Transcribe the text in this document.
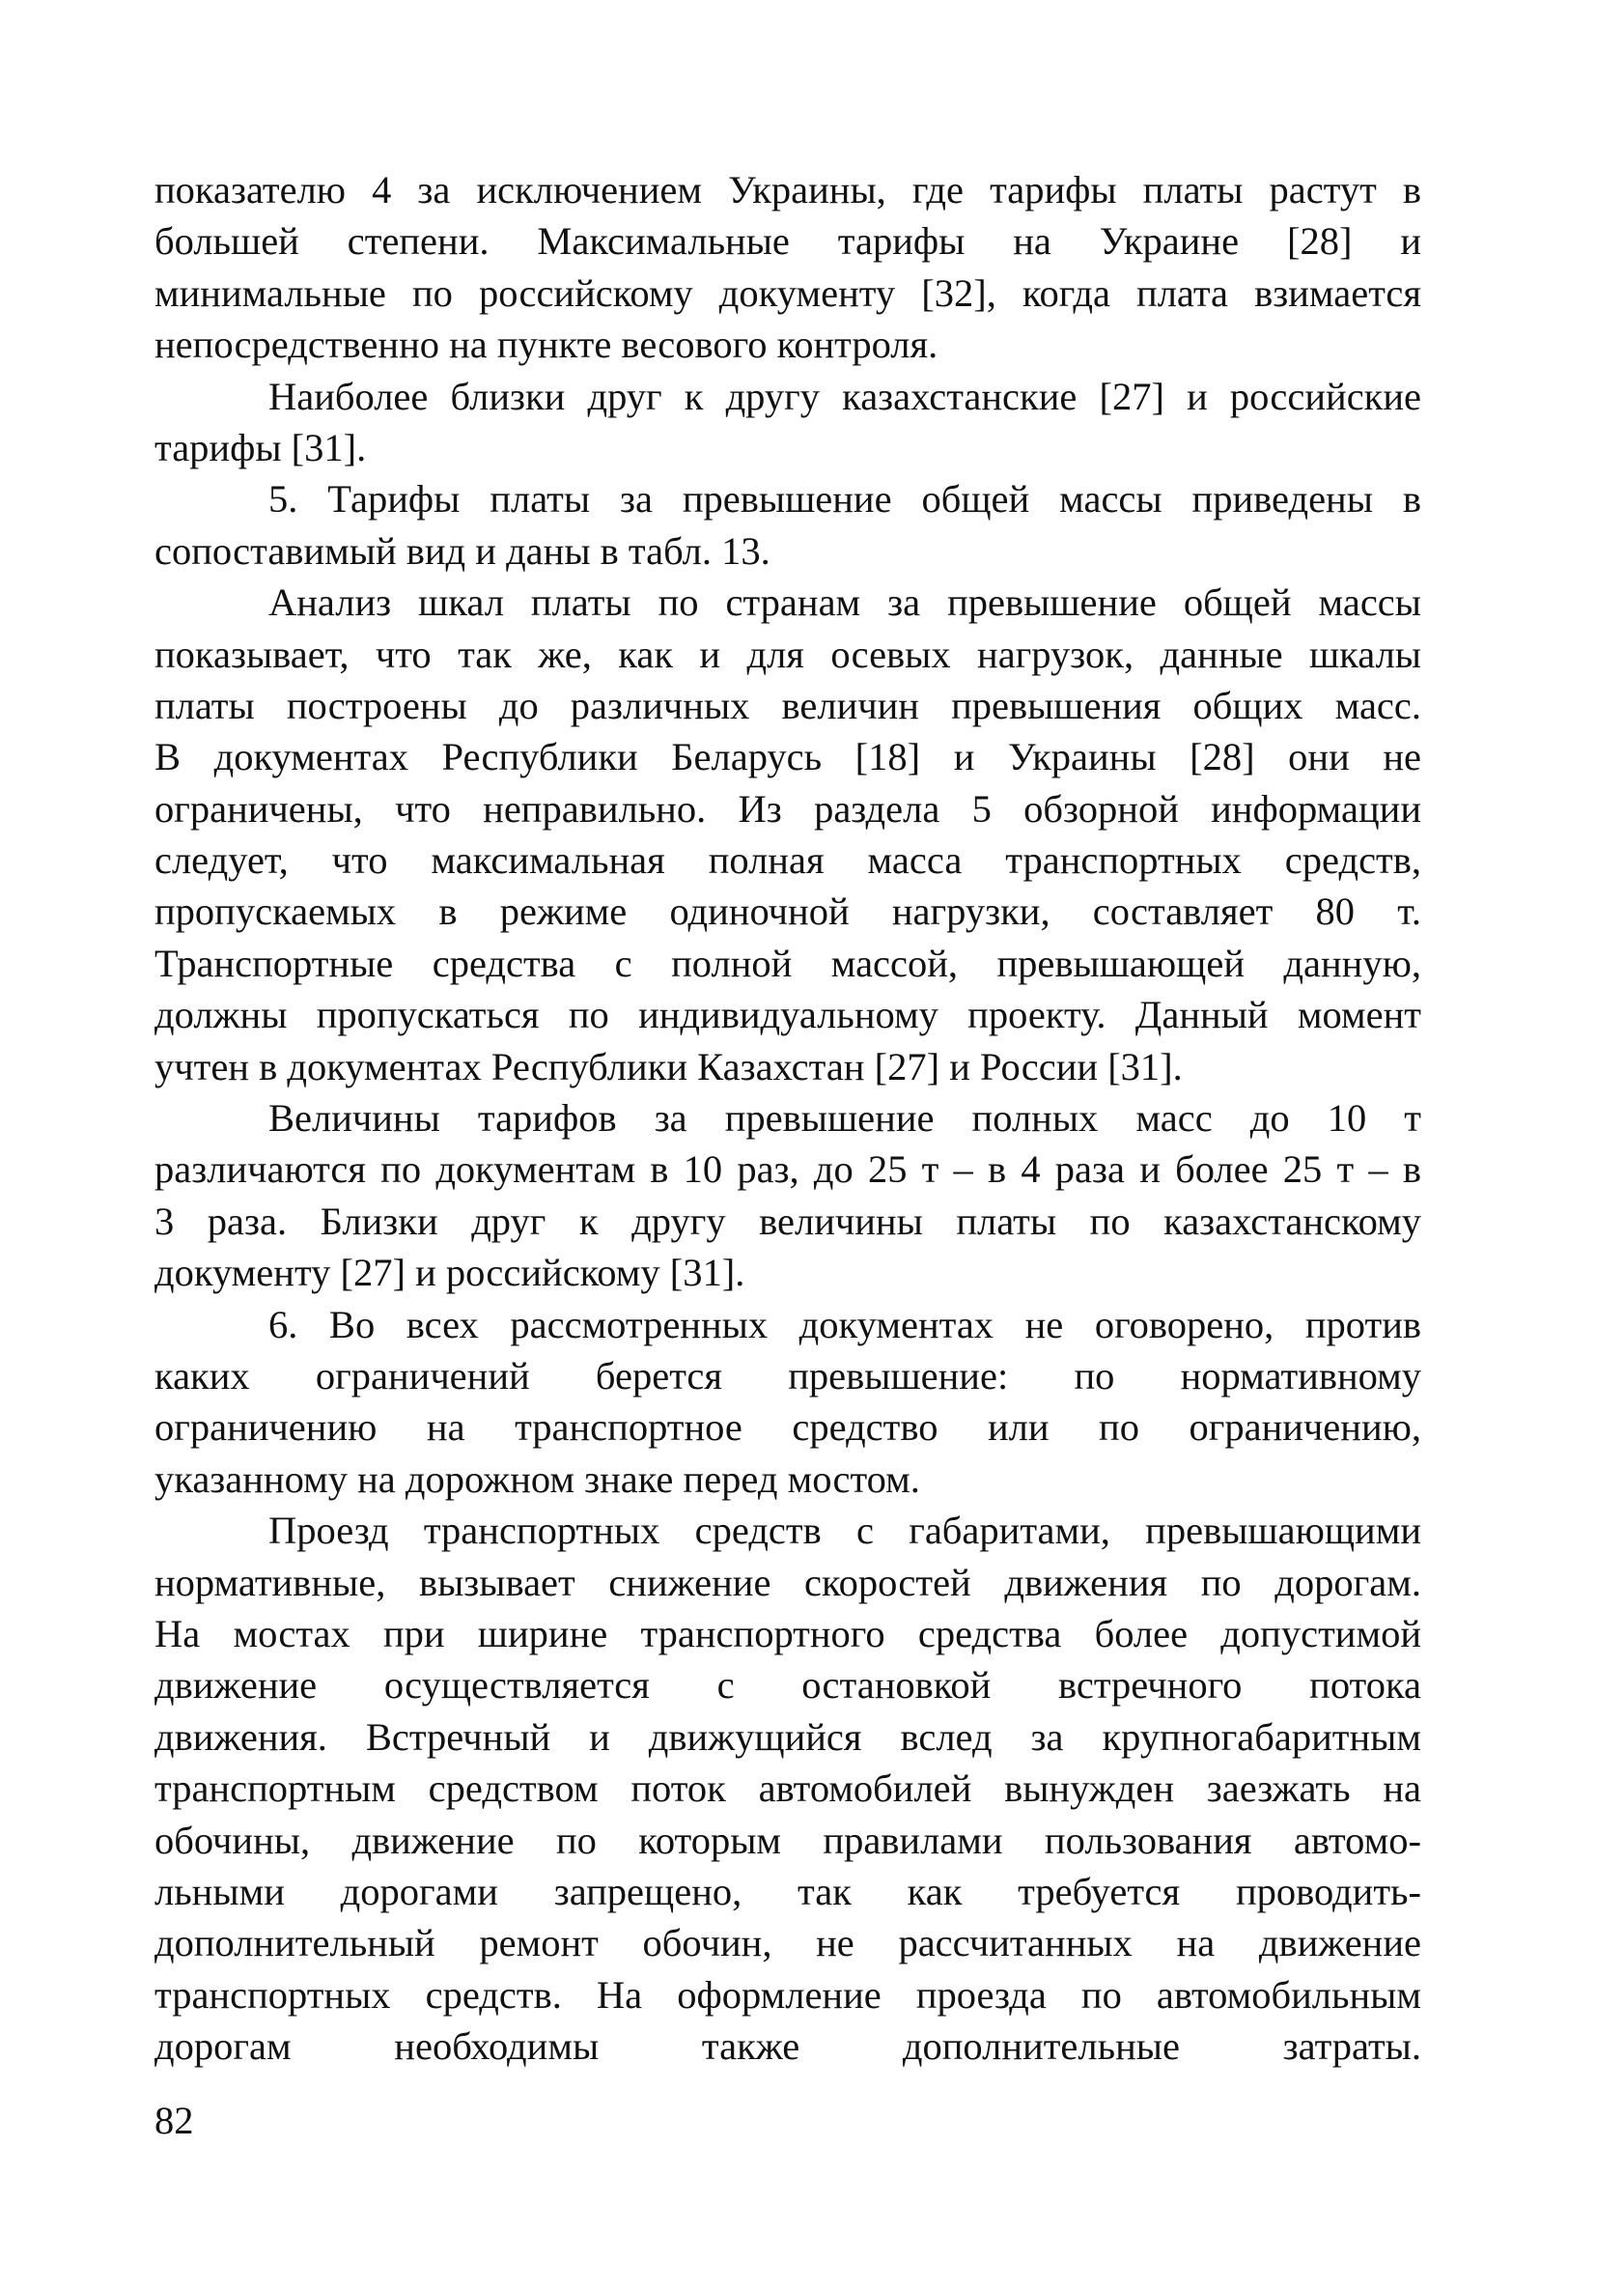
показателю 4 за исключением Украины, где тарифы платы растут в
большей степени. Максимальные тарифы на Украине [28] и
минимальные по российскому документу [32], когда плата взимается
непосредственно на пункте весового контроля.
Наиболее близки друг к другу казахстанские [27] и российские
тарифы [31].
5. Тарифы платы за превышение общей массы приведены в
сопоставимый вид и даны в табл. 13.
Анализ шкал платы по странам за превышение общей массы
показывает, что так же, как и для осевых нагрузок, данные шкалы
платы построены до различных величин превышения общих масс.
В документах Республики Беларусь [18] и Украины [28] они не
ограничены, что неправильно. Из раздела 5 обзорной информации
следует, что максимальная полная масса транспортных средств,
пропускаемых в режиме одиночной нагрузки, составляет 80 т.
Транспортные средства с полной массой, превышающей данную,
должны пропускаться по индивидуальному проекту. Данный момент
учтен в документах Республики Казахстан [27] и России [31].
Величины тарифов за превышение полных масс до 10 т
различаются по документам в 10 раз, до 25 т – в 4 раза и более 25 т – в
3 раза. Близки друг к другу величины платы по казахстанскому
документу [27] и российскому [31].
6. Во всех рассмотренных документах не оговорено, против
каких ограничений берется превышение: по нормативному
ограничению на транспортное средство или по ограничению,
указанному на дорожном знаке перед мостом.
Проезд транспортных средств с габаритами, превышающими
нормативные, вызывает снижение скоростей движения по дорогам.
На мостах при ширине транспортного средства более допустимой
движение осуществляется с остановкой встречного потока
движения. Встречный и движущийся вслед за крупногабаритным
транспортным средством поток автомобилей вынужден заезжать на
обочины, движение по которым правилами пользования автомо-
льными дорогами запрещено, так как требуется проводить-
дополнительный ремонт обочин, не рассчитанных на движение
транспортных средств. На оформление проезда по автомобильным
дорогам необходимы также дополнительные затраты.
82
